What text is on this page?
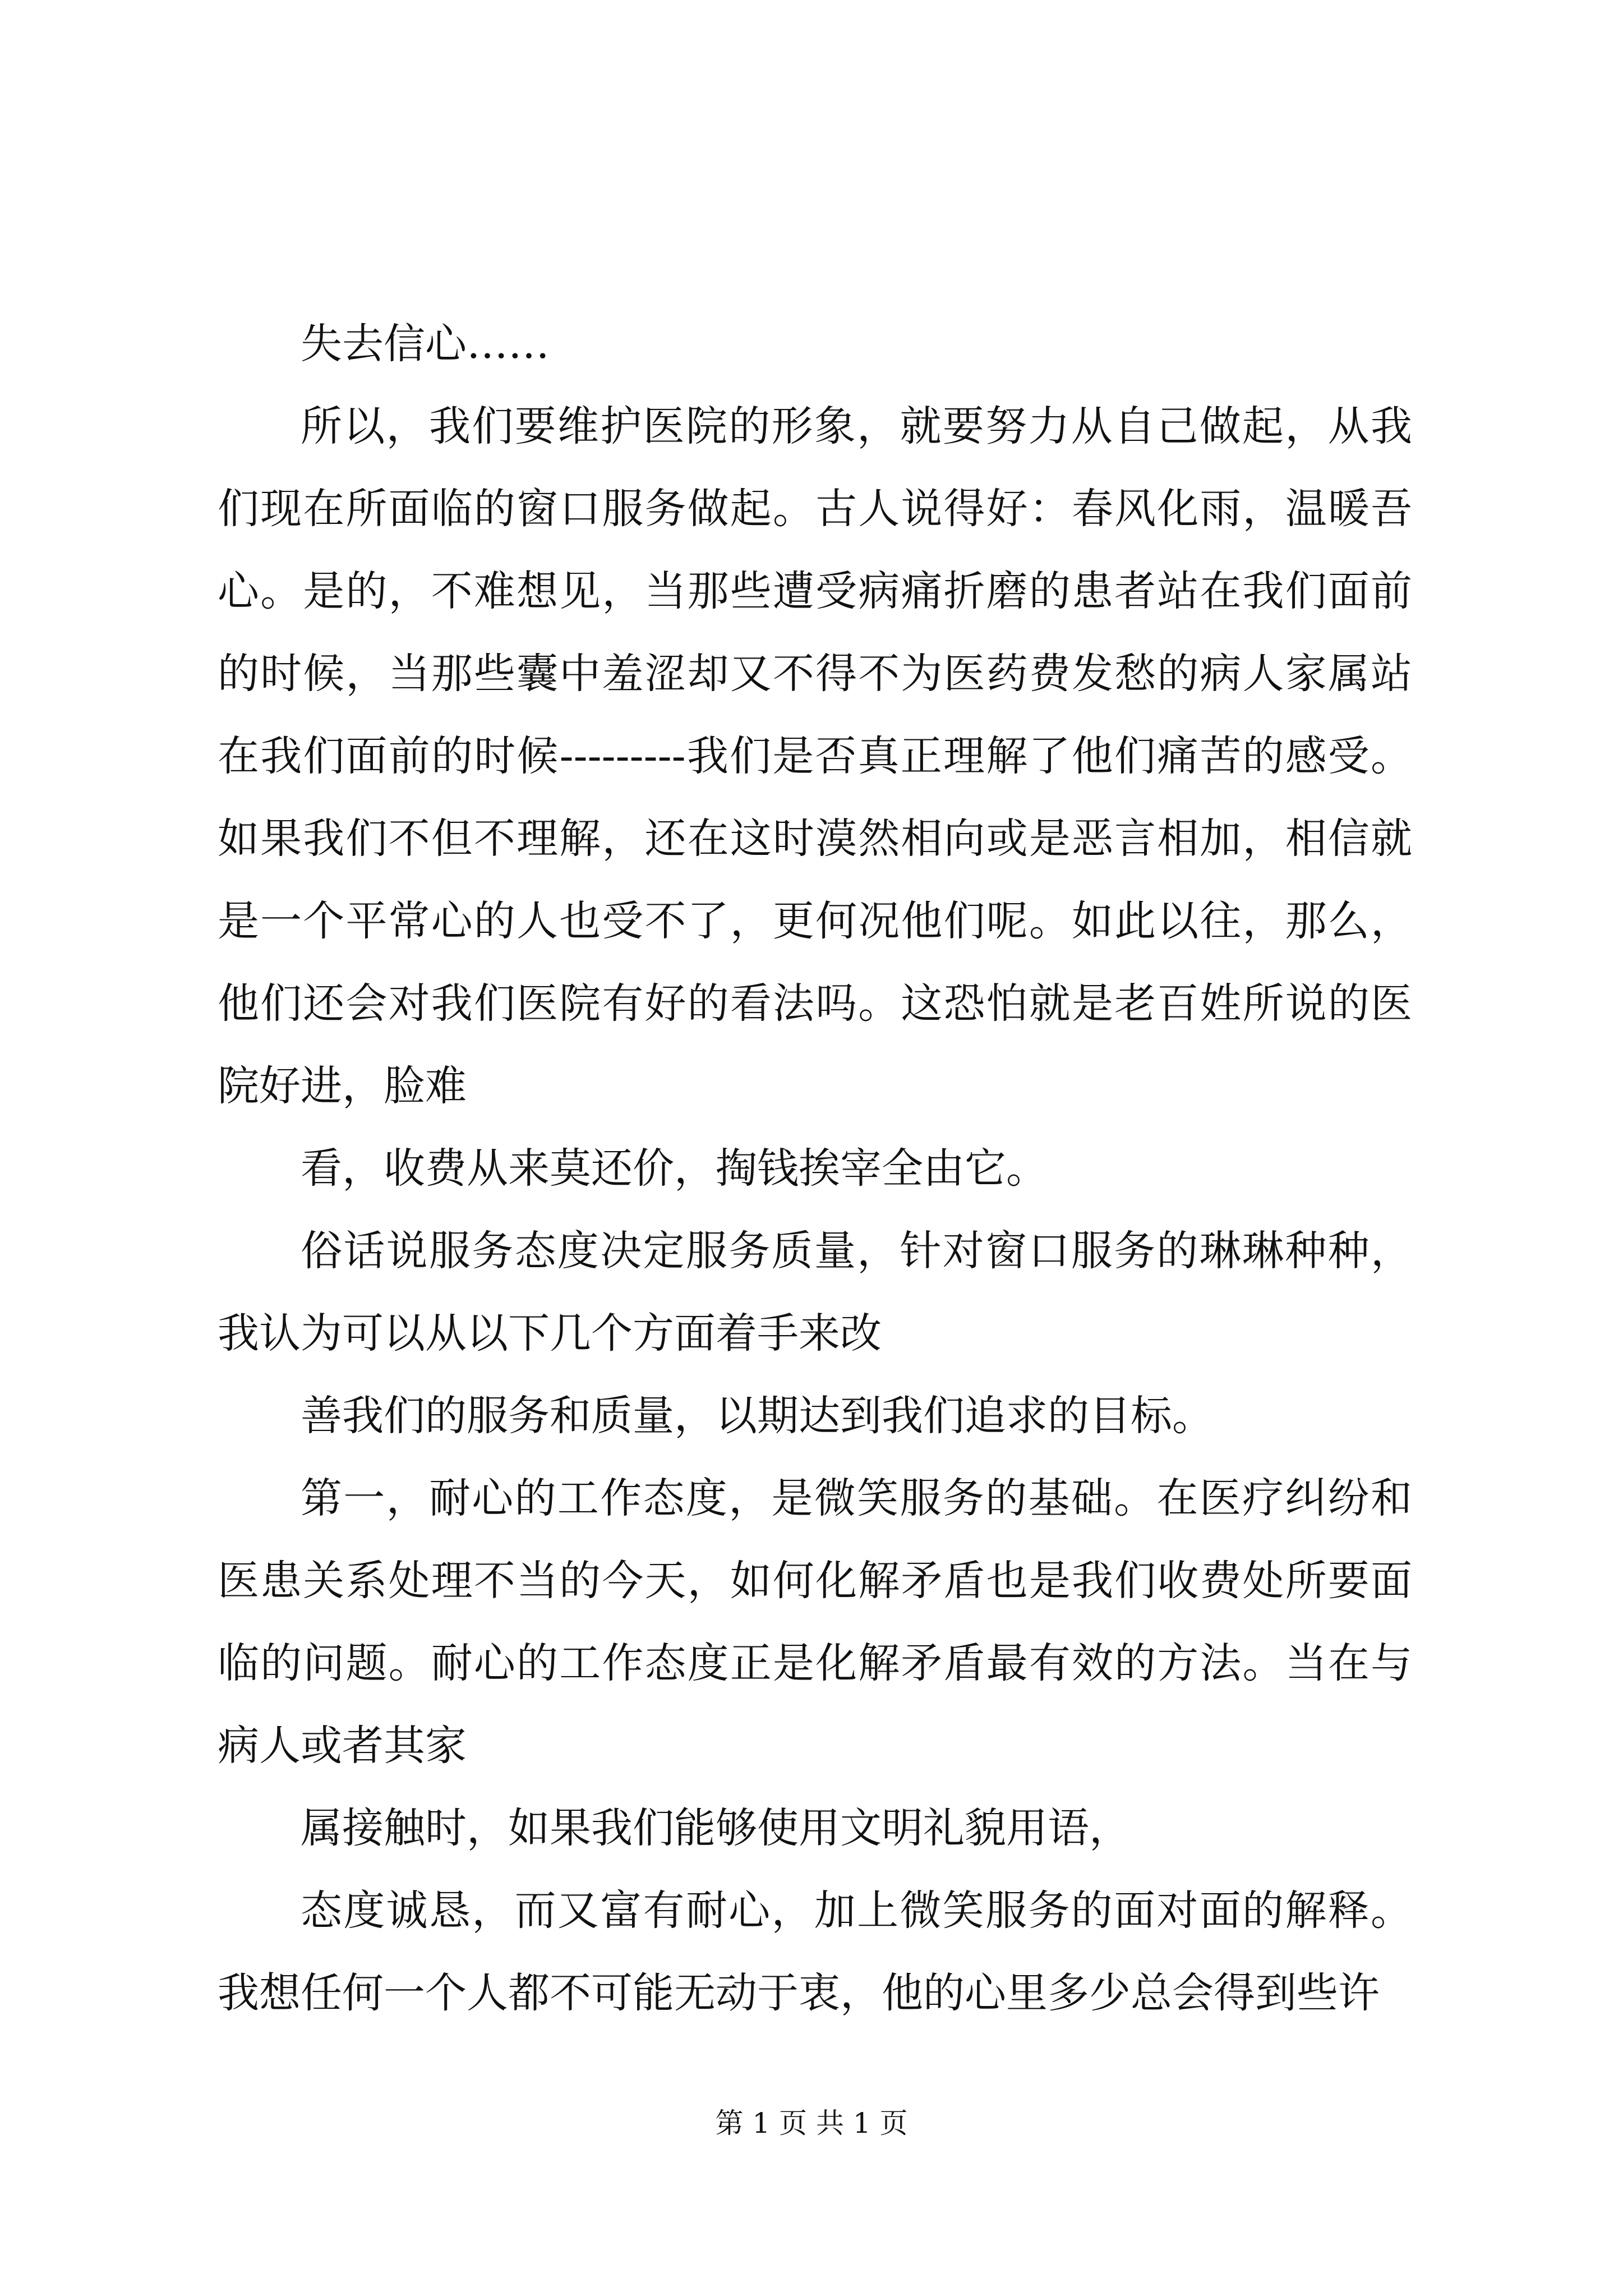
失去信心……

所以，我们要维护医院的形象，就要努力从自己做起，从我们现在所面临的窗口服务做起。古人说得好：春风化雨，温暖吾心。是的，不难想见，当那些遭受病痛折磨的患者站在我们面前的时候，当那些囊中羞涩却又不得不为医药费发愁的病人家属站在我们面前的时候---------我们是否真正理解了他们痛苦的感受。如果我们不但不理解，还在这时漠然相向或是恶言相加，相信就是一个平常心的人也受不了，更何况他们呢。如此以往，那么，他们还会对我们医院有好的看法吗。这恐怕就是老百姓所说的医院好进，脸难

看，收费从来莫还价，掏钱挨宰全由它。

俗话说服务态度决定服务质量，针对窗口服务的琳琳种种，我认为可以从以下几个方面着手来改

善我们的服务和质量，以期达到我们追求的目标。

第一，耐心的工作态度，是微笑服务的基础。在医疗纠纷和医患关系处理不当的今天，如何化解矛盾也是我们收费处所要面临的问题。耐心的工作态度正是化解矛盾最有效的方法。当在与病人或者其家

属接触时，如果我们能够使用文明礼貌用语，

态度诚恳，而又富有耐心，加上微笑服务的面对面的解释。我想任何一个人都不可能无动于衷，他的心里多少总会得到些许

第 1 页 共 1 页
